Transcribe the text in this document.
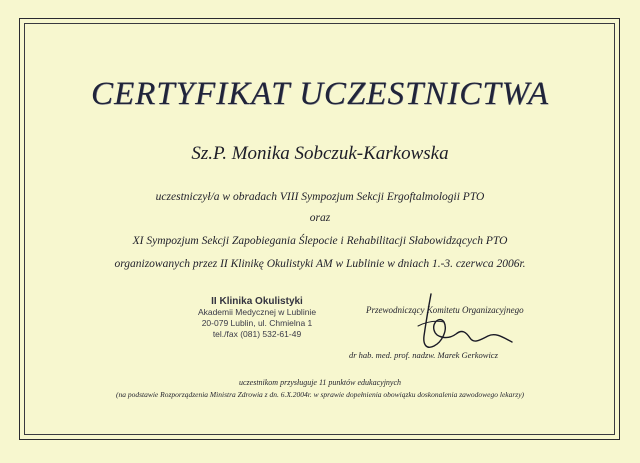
CERTYFIKAT UCZESTNICTWA
Sz.P. Monika Sobczuk-Karkowska
uczestniczył/a w obradach VIII Sympozjum Sekcji Ergoftalmologii PTO
oraz
XI Sympozjum Sekcji Zapobiegania Ślepocie i Rehabilitacji Słabowidzących PTO
organizowanych przez II Klinikę Okulistyki AM w Lublinie w dniach 1.-3. czerwca 2006r.
II Klinika Okulistyki
Akademii Medycznej w Lublinie
20-079 Lublin, ul. Chmielna 1
tel./fax (081) 532-61-49
Przewodniczący Komitetu Organizacyjnego
dr hab. med. prof. nadzw. Marek Gerkowicz
uczestnikom przysługuje 11 punktów edukacyjnych
(na podstawie Rozporządzenia Ministra Zdrowia z dn. 6.X.2004r. w sprawie dopełnienia obowiązku doskonalenia zawodowego lekarzy)
